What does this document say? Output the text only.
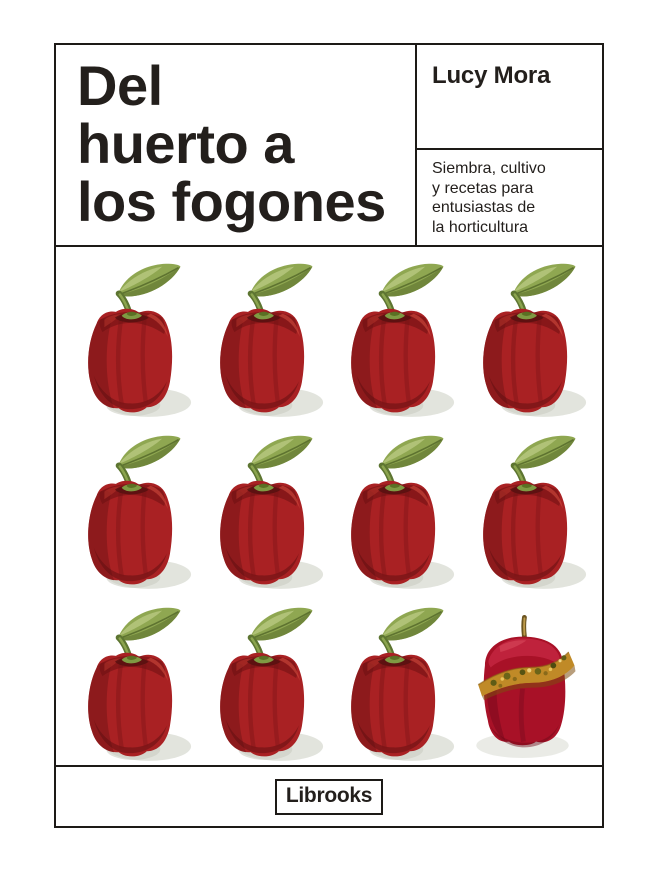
Del
huerto a
los fogones
Lucy Mora
Siembra, cultivo
y recetas para
entusiastas de
la horticultura
Librooks
